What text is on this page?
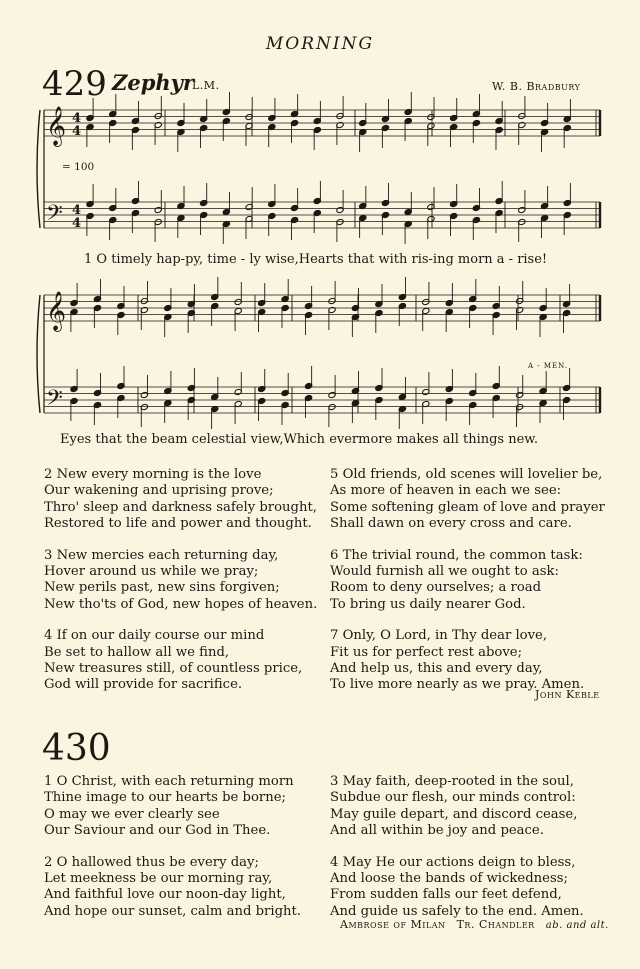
MORNING
429 Zephyr
L.M.	W. B. Bradbury
𝄞
𝄢
4
4
4
4
𝄞
𝄢
= 100
1 O timely hap-py, time - ly wise,Hearts that with ris-ing morn a - rise!
A - MEN.
Eyes that the beam celestial view,Which evermore makes all things new.
2 New every morning is the love
Our wakening and uprising prove;
Thro' sleep and darkness safely brought,
Restored to life and power and thought.
3 New mercies each returning day,
Hover around us while we pray;
New perils past, new sins forgiven;
New tho'ts of God, new hopes of heaven.
4 If on our daily course our mind
Be set to hallow all we find,
New treasures still, of countless price,
God will provide for sacrifice.
5 Old friends, old scenes will lovelier be,
As more of heaven in each we see:
Some softening gleam of love and prayer
Shall dawn on every cross and care.
6 The trivial round, the common task:
Would furnish all we ought to ask:
Room to deny ourselves; a road
To bring us daily nearer God.
7 Only, O Lord, in Thy dear love,
Fit us for perfect rest above;
And help us, this and every day,
To live more nearly as we pray. Amen.
John Keble
430
1 O Christ, with each returning morn
Thine image to our hearts be borne;
O may we ever clearly see
Our Saviour and our God in Thee.
2 O hallowed thus be every day;
Let meekness be our morning ray,
And faithful love our noon-day light,
And hope our sunset, calm and bright.
3 May faith, deep-rooted in the soul,
Subdue our flesh, our minds control:
May guile depart, and discord cease,
And all within be joy and peace.
4 May He our actions deign to bless,
And loose the bands of wickedness;
From sudden falls our feet defend,
And guide us safely to the end. Amen.
Ambrose of Milan Tr. Chandler ab. and alt.
